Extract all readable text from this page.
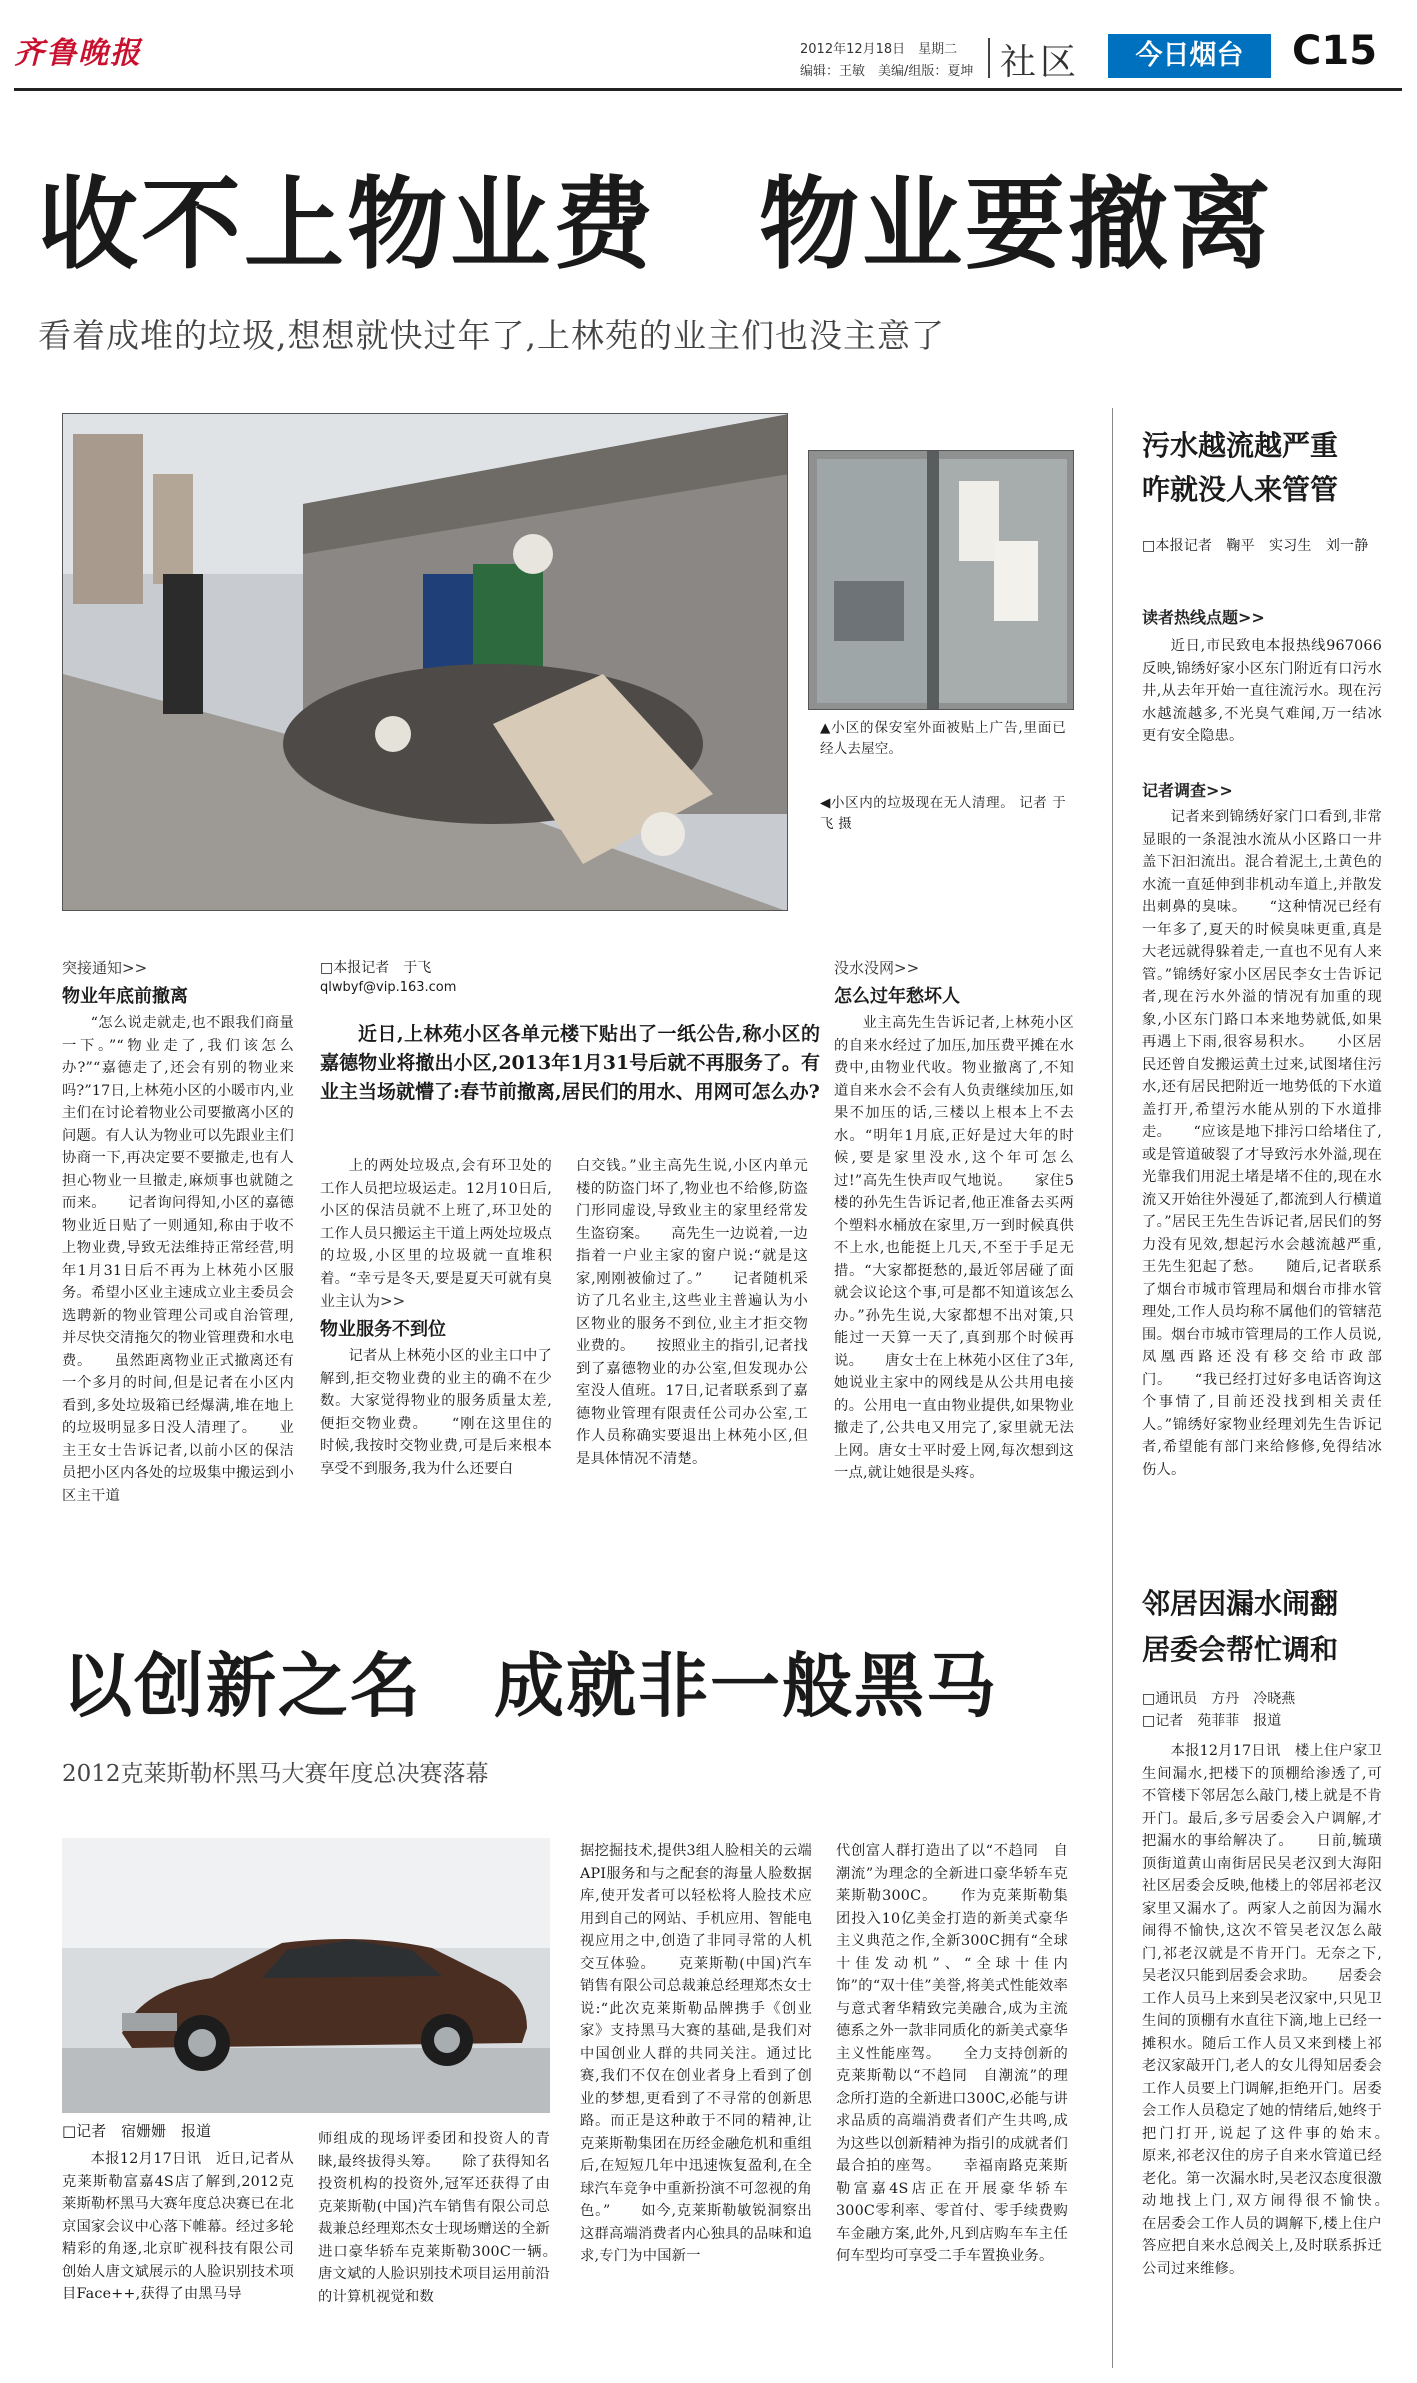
齐鲁晚报	2012年12月18日　星期二
编辑：王敏　美编/组版：夏坤 社区	今日烟台	C15
收不上物业费　物业要撤离
看着成堆的垃圾,想想就快过年了,上林苑的业主们也没主意了
▲小区的保安室外面被贴上广告,里面已经人去屋空。
◀小区内的垃圾现在无人清理。 记者 于飞 摄
突接通知>>
物业年底前撤离
“怎么说走就走,也不跟我们商量一下。”“物业走了,我们该怎么办?”“嘉德走了,还会有别的物业来吗?”17日,上林苑小区的小暖市内,业主们在讨论着物业公司要撤离小区的问题。有人认为物业可以先跟业主们协商一下,再决定要不要撤走,也有人担心物业一旦撤走,麻烦事也就随之而来。　　记者询问得知,小区的嘉德物业近日贴了一则通知,称由于收不上物业费,导致无法维持正常经营,明年1月31日后不再为上林苑小区服务。希望小区业主速成立业主委员会选聘新的物业管理公司或自治管理,并尽快交清拖欠的物业管理费和水电费。　　虽然距离物业正式撤离还有一个多月的时间,但是记者在小区内看到,多处垃圾箱已经爆满,堆在地上的垃圾明显多日没人清理了。　　业主王女士告诉记者,以前小区的保洁员把小区内各处的垃圾集中搬运到小区主干道
□本报记者　于飞
qlwbyf@vip.163.com
近日,上林苑小区各单元楼下贴出了一纸公告,称小区的嘉德物业将撤出小区,2013年1月31号后就不再服务了。有业主当场就懵了:春节前撤离,居民们的用水、用网可怎么办?
上的两处垃圾点,会有环卫处的工作人员把垃圾运走。12月10日后,小区的保洁员就不上班了,环卫处的工作人员只搬运主干道上两处垃圾点的垃圾,小区里的垃圾就一直堆积着。“幸亏是冬天,要是夏天可就有臭
业主认为>>
物业服务不到位
记者从上林苑小区的业主口中了解到,拒交物业费的业主的确不在少数。大家觉得物业的服务质量太差,便拒交物业费。　　“刚在这里住的时候,我按时交物业费,可是后来根本享受不到服务,我为什么还要白
白交钱。”业主高先生说,小区内单元楼的防盗门坏了,物业也不给修,防盗门形同虚设,导致业主的家里经常发生盗窃案。　　高先生一边说着,一边指着一户业主家的窗户说:“就是这家,刚刚被偷过了。”　　记者随机采访了几名业主,这些业主普遍认为小区物业的服务不到位,业主才拒交物业费的。　　按照业主的指引,记者找到了嘉德物业的办公室,但发现办公室没人值班。17日,记者联系到了嘉德物业管理有限责任公司办公室,工作人员称确实要退出上林苑小区,但是具体情况不清楚。
没水没网>>
怎么过年愁坏人
业主高先生告诉记者,上林苑小区的自来水经过了加压,加压费平摊在水费中,由物业代收。物业撤离了,不知道自来水会不会有人负责继续加压,如果不加压的话,三楼以上根本上不去水。“明年1月底,正好是过大年的时候,要是家里没水,这个年可怎么过!”高先生快声叹气地说。　　家住5楼的孙先生告诉记者,他正准备去买两个塑料水桶放在家里,万一到时候真供不上水,也能挺上几天,不至于手足无措。“大家都挺愁的,最近邻居碰了面就会议论这个事,可是都不知道该怎么办。”孙先生说,大家都想不出对策,只能过一天算一天了,真到那个时候再说。　　唐女士在上林苑小区住了3年,她说业主家中的网线是从公共用电接的。公用电一直由物业提供,如果物业撤走了,公共电又用完了,家里就无法上网。唐女士平时爱上网,每次想到这一点,就让她很是头疼。
污水越流越严重
咋就没人来管管
□本报记者　鞠平　实习生　刘一静
读者热线点题>>
近日,市民致电本报热线967066反映,锦绣好家小区东门附近有口污水井,从去年开始一直往流污水。现在污水越流越多,不光臭气难闻,万一结冰更有安全隐患。
记者调查>>
记者来到锦绣好家门口看到,非常显眼的一条混浊水流从小区路口一井盖下汩汩流出。混合着泥土,土黄色的水流一直延伸到非机动车道上,并散发出刺鼻的臭味。　　“这种情况已经有一年多了,夏天的时候臭味更重,真是大老远就得躲着走,一直也不见有人来管。”锦绣好家小区居民李女士告诉记者,现在污水外溢的情况有加重的现象,小区东门路口本来地势就低,如果再遇上下雨,很容易积水。　　小区居民还曾自发搬运黄土过来,试图堵住污水,还有居民把附近一地势低的下水道盖打开,希望污水能从别的下水道排走。　　“应该是地下排污口给堵住了,或是管道破裂了才导致污水外溢,现在光靠我们用泥土堵是堵不住的,现在水流又开始往外漫延了,都流到人行横道了。”居民王先生告诉记者,居民们的努力没有见效,想起污水会越流越严重,王先生犯起了愁。　　随后,记者联系了烟台市城市管理局和烟台市排水管理处,工作人员均称不属他们的管辖范围。烟台市城市管理局的工作人员说,凤凰西路还没有移交给市政部门。　　“我已经打过好多电话咨询这个事情了,目前还没找到相关责任人。”锦绣好家物业经理刘先生告诉记者,希望能有部门来给修修,免得结冰伤人。
邻居因漏水闹翻
居委会帮忙调和
□通讯员　方丹　冷晓燕
□记者　苑菲菲　报道
本报12月17日讯　楼上住户家卫生间漏水,把楼下的顶棚给渗透了,可不管楼下邻居怎么敲门,楼上就是不肯开门。最后,多亏居委会入户调解,才把漏水的事给解决了。　　日前,毓璜顶街道黄山南街居民吴老汉到大海阳社区居委会反映,他楼上的邻居祁老汉家里又漏水了。两家人之前因为漏水闹得不愉快,这次不管吴老汉怎么敲门,祁老汉就是不肯开门。无奈之下,吴老汉只能到居委会求助。　　居委会工作人员马上来到吴老汉家中,只见卫生间的顶棚有水直往下滴,地上已经一摊积水。随后工作人员又来到楼上祁老汉家敲开门,老人的女儿得知居委会工作人员要上门调解,拒绝开门。居委会工作人员稳定了她的情绪后,她终于把门打开,说起了这件事的始末。　　原来,祁老汉住的房子自来水管道已经老化。第一次漏水时,吴老汉态度很激动地找上门,双方闹得很不愉快。　　在居委会工作人员的调解下,楼上住户答应把自来水总阀关上,及时联系拆迁公司过来维修。
以创新之名　成就非一般黑马
2012克莱斯勒杯黑马大赛年度总决赛落幕
□记者　宿姗姗　报道
本报12月17日讯　近日,记者从克莱斯勒富嘉4S店了解到,2012克莱斯勒杯黑马大赛年度总决赛已在北京国家会议中心落下帷幕。经过多轮精彩的角逐,北京旷视科技有限公司创始人唐文斌展示的人脸识别技术项目Face++,获得了由黑马导
师组成的现场评委团和投资人的青睐,最终拔得头筹。　　除了获得知名投资机构的投资外,冠军还获得了由克莱斯勒(中国)汽车销售有限公司总裁兼总经理郑杰女士现场赠送的全新进口豪华轿车克莱斯勒300C一辆。　　唐文斌的人脸识别技术项目运用前沿的计算机视觉和数
据挖掘技术,提供3组人脸相关的云端API服务和与之配套的海量人脸数据库,使开发者可以轻松将人脸技术应用到自己的网站、手机应用、智能电视应用之中,创造了非同寻常的人机交互体验。　　克莱斯勒(中国)汽车销售有限公司总裁兼总经理郑杰女士说:“此次克莱斯勒品牌携手《创业家》支持黑马大赛的基础,是我们对中国创业人群的共同关注。通过比赛,我们不仅在创业者身上看到了创业的梦想,更看到了不寻常的创新思路。而正是这种敢于不同的精神,让克莱斯勒集团在历经金融危机和重组后,在短短几年中迅速恢复盈利,在全球汽车竞争中重新扮演不可忽视的角色。”　　如今,克莱斯勒敏锐洞察出这群高端消费者内心独具的品味和追求,专门为中国新一
代创富人群打造出了以“不趋同　自潮流”为理念的全新进口豪华轿车克莱斯勒300C。　　作为克莱斯勒集团投入10亿美金打造的新美式豪华主义典范之作,全新300C拥有“全球十佳发动机”、“全球十佳内饰”的“双十佳”美誉,将美式性能效率与意式奢华精致完美融合,成为主流德系之外一款非同质化的新美式豪华主义性能座驾。　　全力支持创新的克莱斯勒以“不趋同　自潮流”的理念所打造的全新进口300C,必能与讲求品质的高端消费者们产生共鸣,成为这些以创新精神为指引的成就者们最合拍的座驾。　　幸福南路克莱斯勒富嘉4S店正在开展豪华轿车300C零利率、零首付、零手续费购车金融方案,此外,凡到店购车车主任何车型均可享受二手车置换业务。
